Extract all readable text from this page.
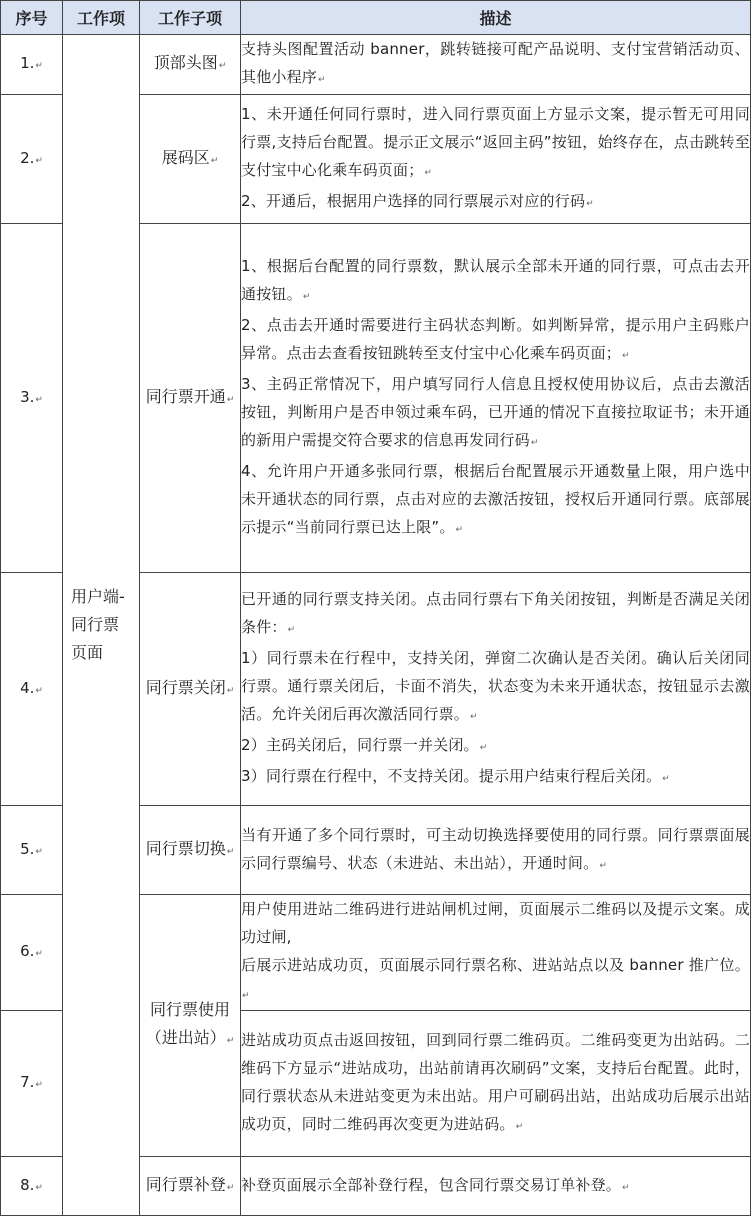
序号	工作项	工作子项	描述
1.↵	用户端-同行票页面	顶部头图↵	支持头图配置活动 banner，跳转链接可配产品说明、支付宝营销活动页、其他小程序↵

2.↵		展码区↵	1、未开通任何同行票时，进入同行票页面上方显示文案，提示暂无可用同行票,支持后台配置。提示正文展示“返回主码”按钮，始终存在，点击跳转至支付宝中心化乘车码页面；↵
2、开通后，根据用户选择的同行票展示对应的行码↵

3.↵		同行票开通↵	1、根据后台配置的同行票数，默认展示全部未开通的同行票，可点击去开通按钮。↵
2、点击去开通时需要进行主码状态判断。如判断异常，提示用户主码账户异常。点击去查看按钮跳转至支付宝中心化乘车码页面；↵
3、主码正常情况下，用户填写同行人信息且授权使用协议后，点击去激活按钮，判断用户是否申领过乘车码，已开通的情况下直接拉取证书；未开通的新用户需提交符合要求的信息再发同行码↵
4、允许用户开通多张同行票，根据后台配置展示开通数量上限，用户选中未开通状态的同行票，点击对应的去激活按钮，授权后开通同行票。底部展示提示“当前同行票已达上限”。↵

4.↵		同行票关闭↵	已开通的同行票支持关闭。点击同行票右下角关闭按钮，判断是否满足关闭条件：↵
1）同行票未在行程中，支持关闭，弹窗二次确认是否关闭。确认后关闭同行票。通行票关闭后，卡面不消失，状态变为未来开通状态，按钮显示去激活。允许关闭后再次激活同行票。↵
2）主码关闭后，同行票一并关闭。↵
3）同行票在行程中，不支持关闭。提示用户结束行程后关闭。↵

5.↵		同行票切换↵	当有开通了多个同行票时，可主动切换选择要使用的同行票。同行票票面展示同行票编号、状态（未进站、未出站），开通时间。↵

6.↵		同行票使用（进出站）↵	用户使用进站二维码进行进站闸机过闸，页面展示二维码以及提示文案。成功过闸,
后展示进站成功页，页面展示同行票名称、进站站点以及 banner 推广位。↵

7.↵			进站成功页点击返回按钮，回到同行票二维码页。二维码变更为出站码。二维码下方显示“进站成功，出站前请再次刷码”文案，支持后台配置。此时，同行票状态从未进站变更为未出站。用户可刷码出站，出站成功后展示出站成功页，同时二维码再次变更为进站码。↵

8.↵		同行票补登↵	补登页面展示全部补登行程，包含同行票交易订单补登。↵
